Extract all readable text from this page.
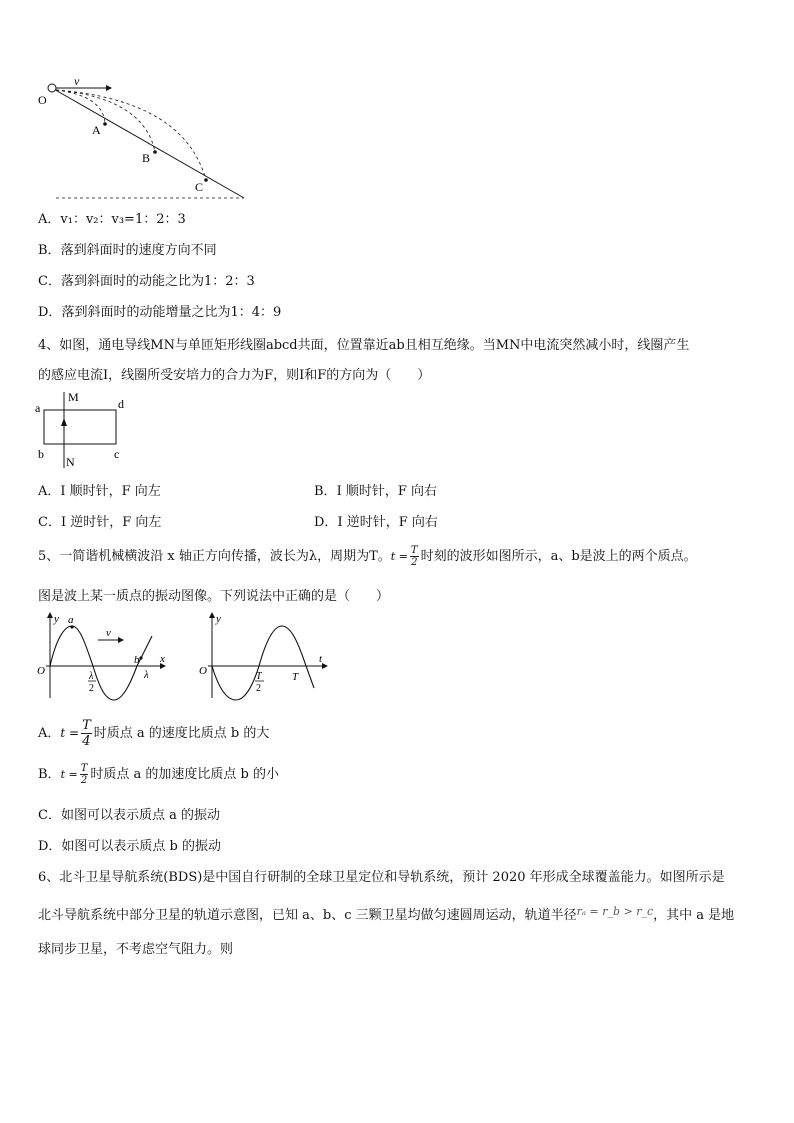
v
O
A
B
C
A．v₁：v₂：v₃=1：2：3
B．落到斜面时的速度方向不同
C．落到斜面时的动能之比为1：2：3
D．落到斜面时的动能增量之比为1：4：9
4、如图，通电导线MN与单匝矩形线圈abcd共面，位置靠近ab且相互绝缘。当MN中电流突然减小时，线圈产生
的感应电流I，线圈所受安培力的合力为F，则I和F的方向为（　　）
a	d
b	c
M
N
A．I 顺时针，F 向左	B．I 顺时针，F 向右
C．I 逆时针，F 向左	D．I 逆时针，F 向右
5、一简谐机械横波沿 x 轴正方向传播，波长为λ，周期为T。$t = \frac{T}{2}$ 时刻的波形如图所示，a、b是波上的两个质点。
图是波上某一质点的振动图像。下列说法中正确的是（　　）
y
x
O
a
b
v
λ
λ
2
y
t
O	T
T
2
A．$t = \frac{T}{4}$ 时质点 a 的速度比质点 b 的大
B．$t = \frac{T}{2}$ 时质点 a 的加速度比质点 b 的小
C．如图可以表示质点 a 的振动
D．如图可以表示质点 b 的振动
6、北斗卫星导航系统(BDS)是中国自行研制的全球卫星定位和导轨系统，预计 2020 年形成全球覆盖能力。如图所示是
北斗导航系统中部分卫星的轨道示意图，已知 a、b、c 三颗卫星均做匀速圆周运动，轨道半径$^{r_a = r\_b > r\_c}$，其中 a 是地
球同步卫星，不考虑空气阻力。则
